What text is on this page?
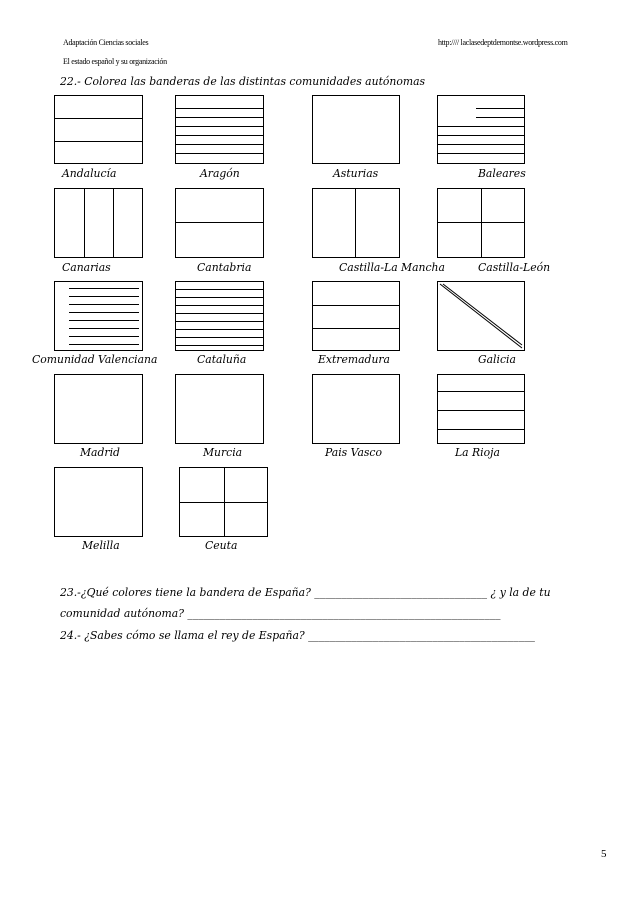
Adaptación Ciencias sociales
El estado español y su organización
http://// laclasedeptdemontse.wordpress.com
22.- Colorea las banderas de las distintas comunidades autónomas
Andalucía	Aragón	Asturias	Baleares
Canarias	Cantabria	Castilla-La Mancha	Castilla-León
Comunidad Valenciana	Cataluña	Extremadura	Galicia
Madrid	Murcia	Pais Vasco	La Rioja
Melilla	Ceuta
23.-¿Qué colores tiene la bandera de España? ________________________________ ¿ y la de tu
comunidad autónoma? __________________________________________________________
24.- ¿Sabes cómo se llama el rey de España? __________________________________________
5
